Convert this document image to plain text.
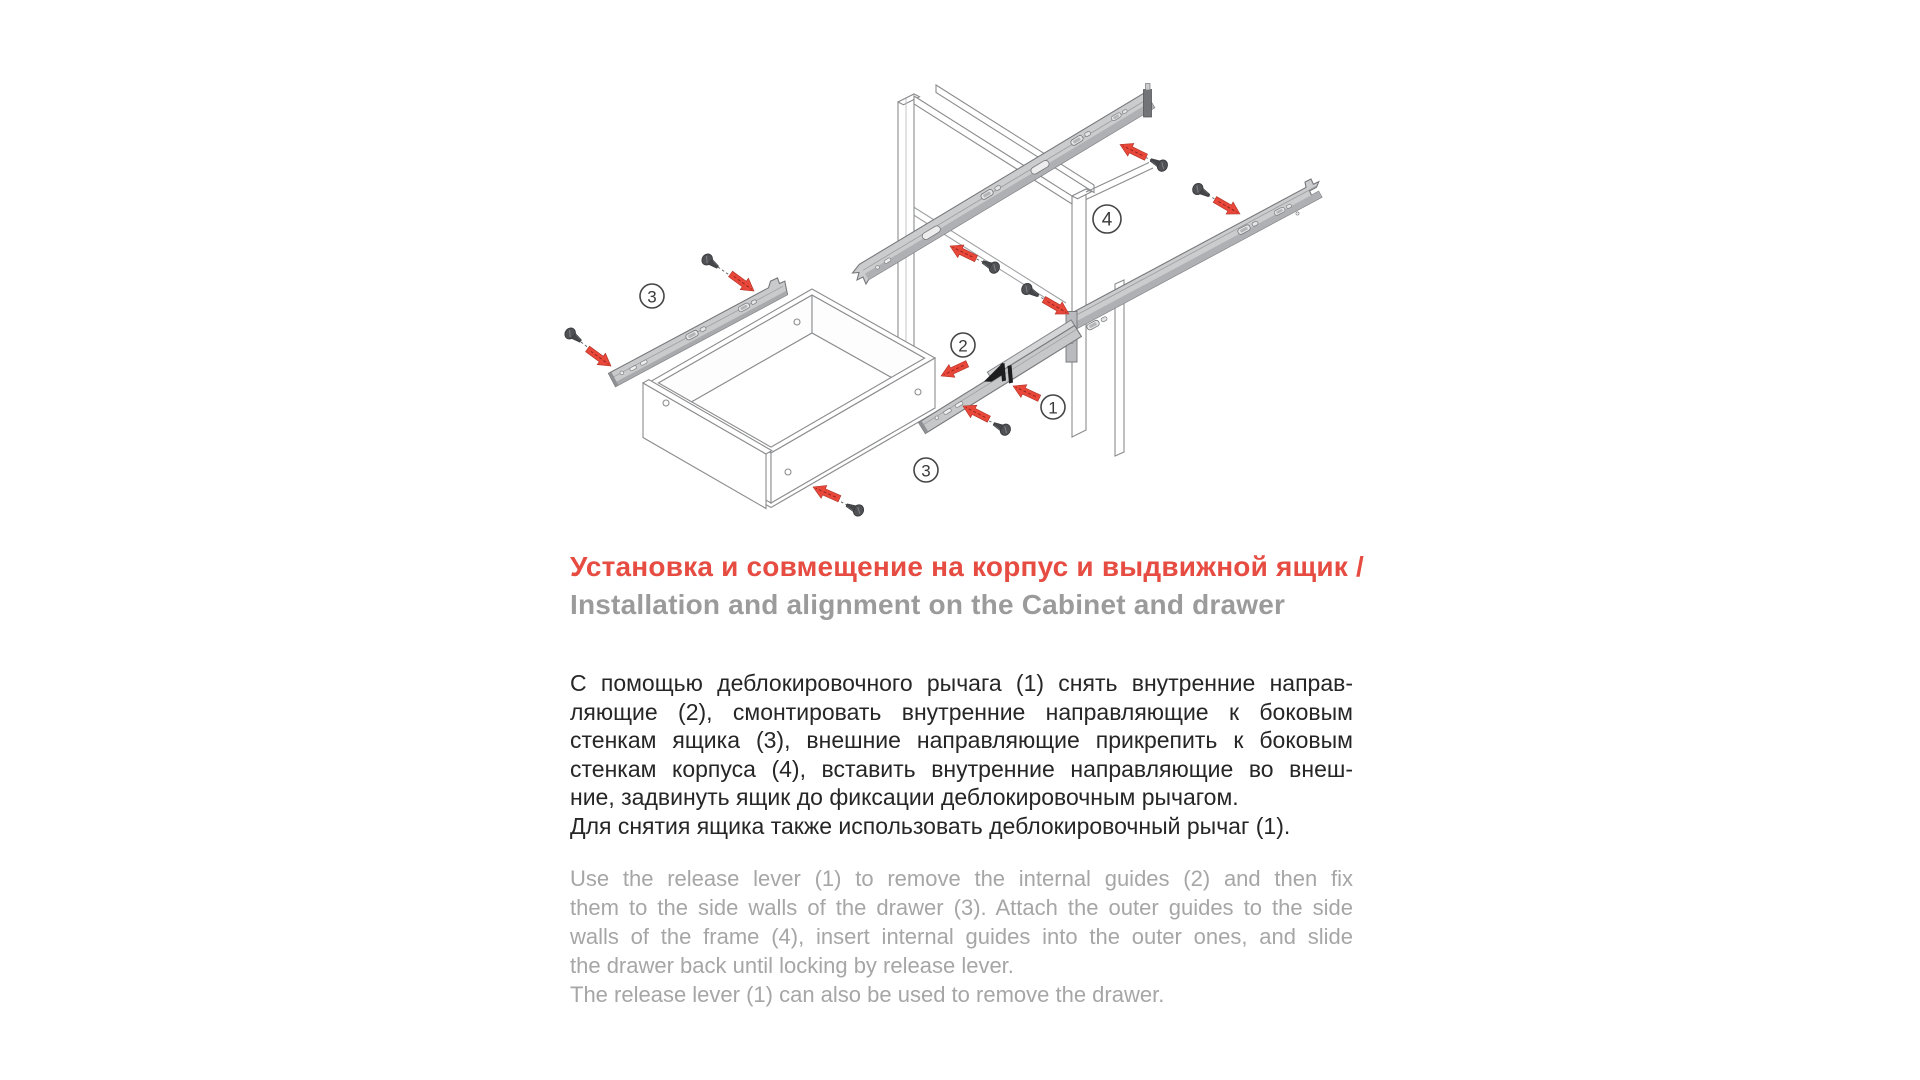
4
3
3
2
1
Установка и совмещение на корпус и выдвижной ящик /
Installation and alignment on the Cabinet and drawer
С помощью деблокировочного рычага (1) снять внутренние направ-
ляющие (2), смонтировать внутренние направляющие к боковым
стенкам ящика (3), внешние направляющие прикрепить к боковым
стенкам корпуса (4), вставить внутренние направляющие во внеш-
ние, задвинуть ящик до фиксации деблокировочным рычагом.
Для снятия ящика также использовать деблокировочный рычаг (1).
Use the release lever (1) to remove the internal guides (2) and then fix
them to the side walls of the drawer (3). Attach the outer guides to the side
walls of the frame (4), insert internal guides into the outer ones, and slide
the drawer back until locking by release lever.
The release lever (1) can also be used to remove the drawer.
